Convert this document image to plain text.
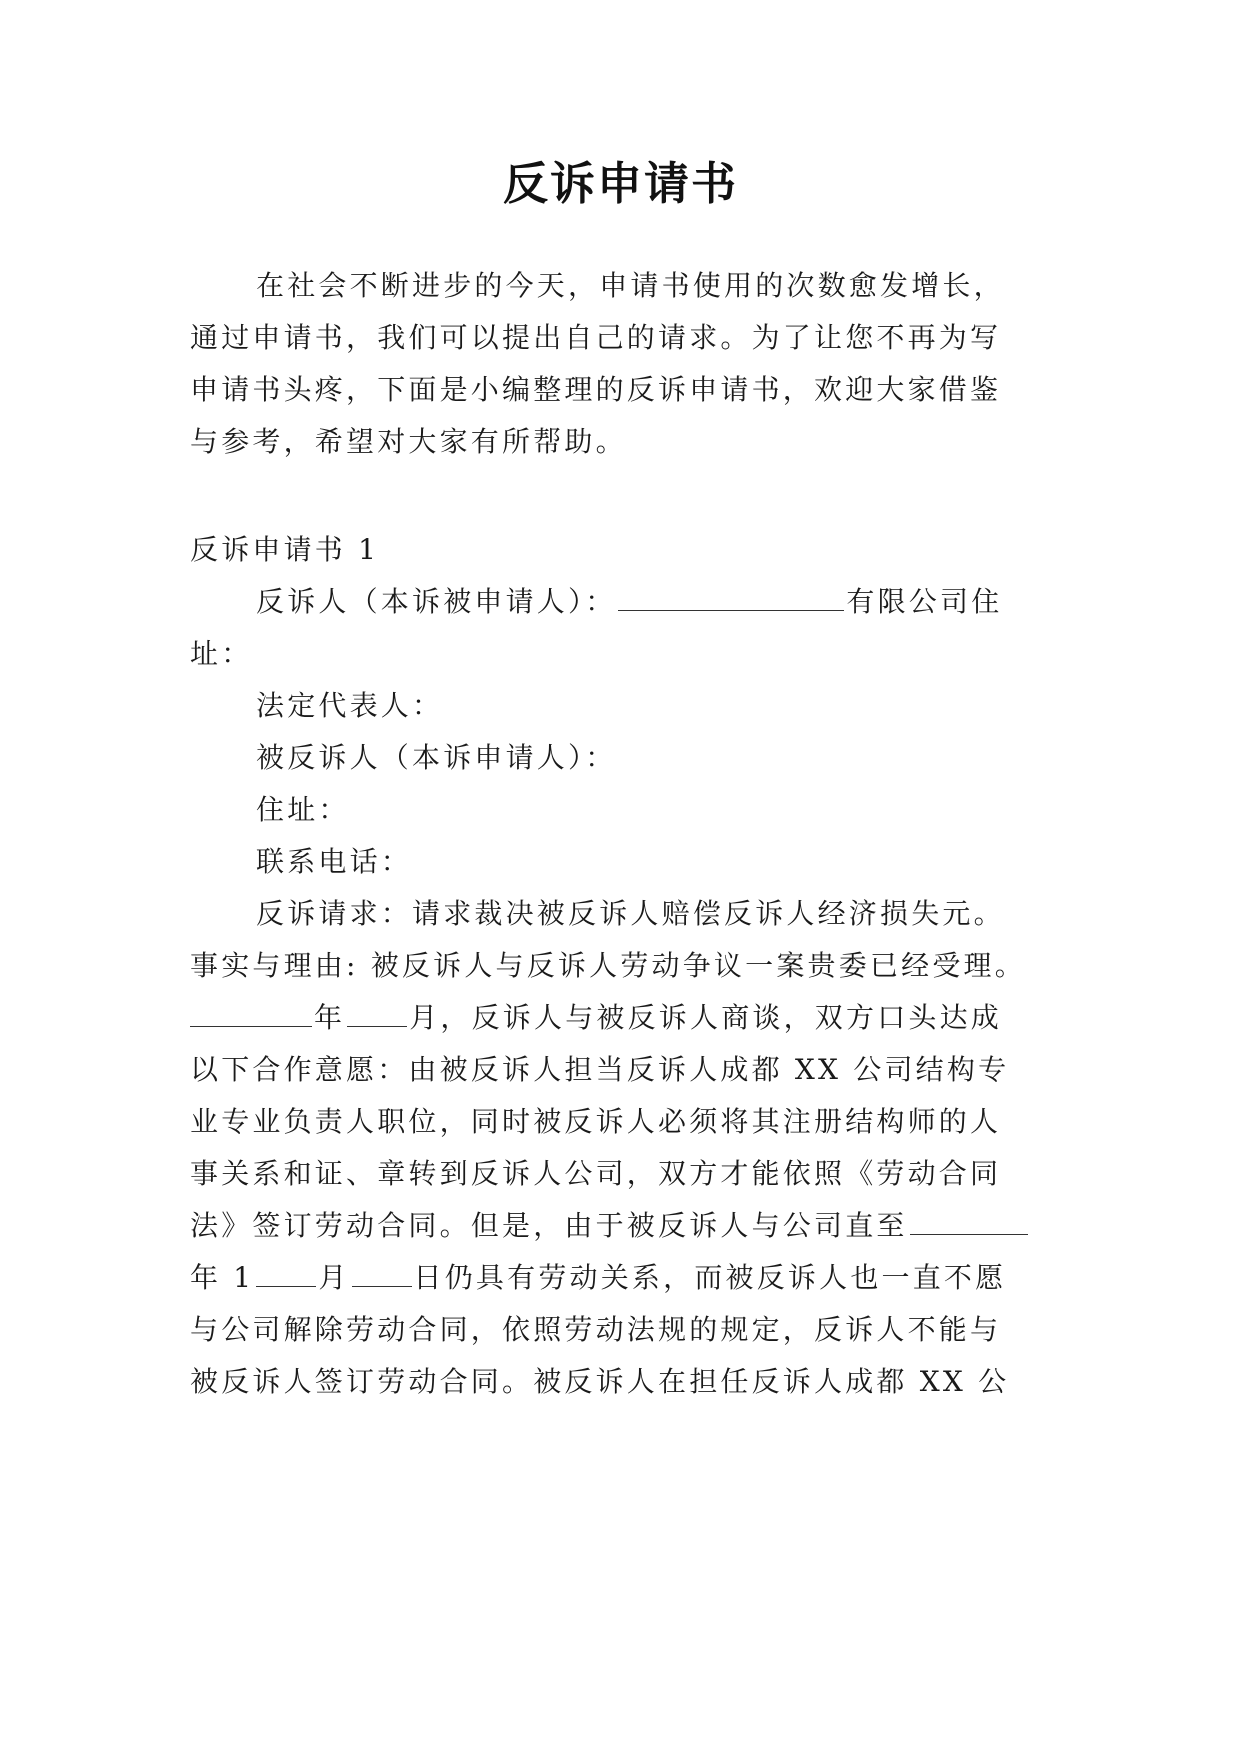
反诉申请书
在社会不断进步的今天，申请书使用的次数愈发增长，
通过申请书，我们可以提出自己的请求。为了让您不再为写
申请书头疼，下面是小编整理的反诉申请书，欢迎大家借鉴
与参考，希望对大家有所帮助。
反诉申请书 1
反诉人（本诉被申请人）：	有限公司住
址：
法定代表人：
被反诉人（本诉申请人）：
住址：
联系电话：
反诉请求：请求裁决被反诉人赔偿反诉人经济损失元。
事实与理由: 被反诉人与反诉人劳动争议一案贵委已经受理。
年 月，反诉人与被反诉人商谈，双方口头达成
以下合作意愿：由被反诉人担当反诉人成都 XX 公司结构专
业专业负责人职位，同时被反诉人必须将其注册结构师的人
事关系和证、章转到反诉人公司，双方才能依照《劳动合同
法》签订劳动合同。但是，由于被反诉人与公司直至
年 1 月 日仍具有劳动关系，而被反诉人也一直不愿
与公司解除劳动合同，依照劳动法规的规定，反诉人不能与
被反诉人签订劳动合同。被反诉人在担任反诉人成都 XX 公
